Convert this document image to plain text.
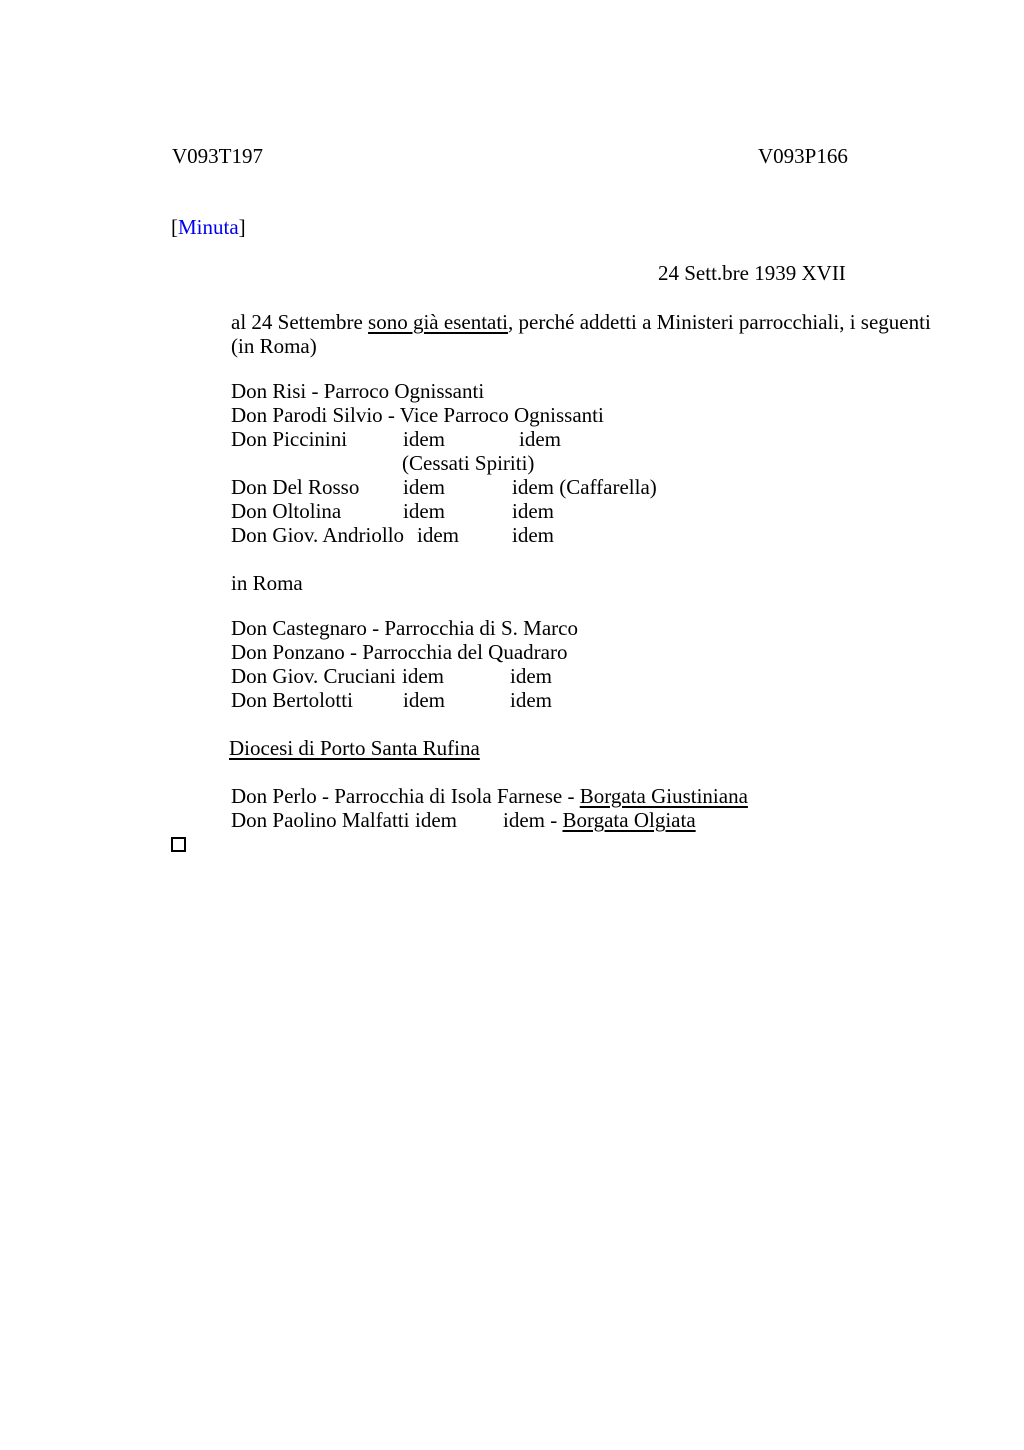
V093T197	V093P166
[Minuta]
24 Sett.bre 1939 XVII
al 24 Settembre sono già esentati, perché addetti a Ministeri parrocchiali, i seguenti
(in Roma)
Don Risi - Parroco Ognissanti
Don Parodi Silvio - Vice Parroco Ognissanti
Don Piccinini	idem	idem
(Cessati Spiriti)
Don Del Rosso idem	idem (Caffarella)
Don Oltolina	idem	idem
Don Giov. Andriollo idem	idem
in Roma
Don Castegnaro - Parrocchia di S. Marco
Don Ponzano - Parrocchia del Quadraro
Don Giov. Cruciani idem	idem
Don Bertolotti idem	idem
Diocesi di Porto Santa Rufina
Don Perlo - Parrocchia di Isola Farnese - Borgata Giustiniana
Don Paolino Malfatti idem idem - Borgata Olgiata
